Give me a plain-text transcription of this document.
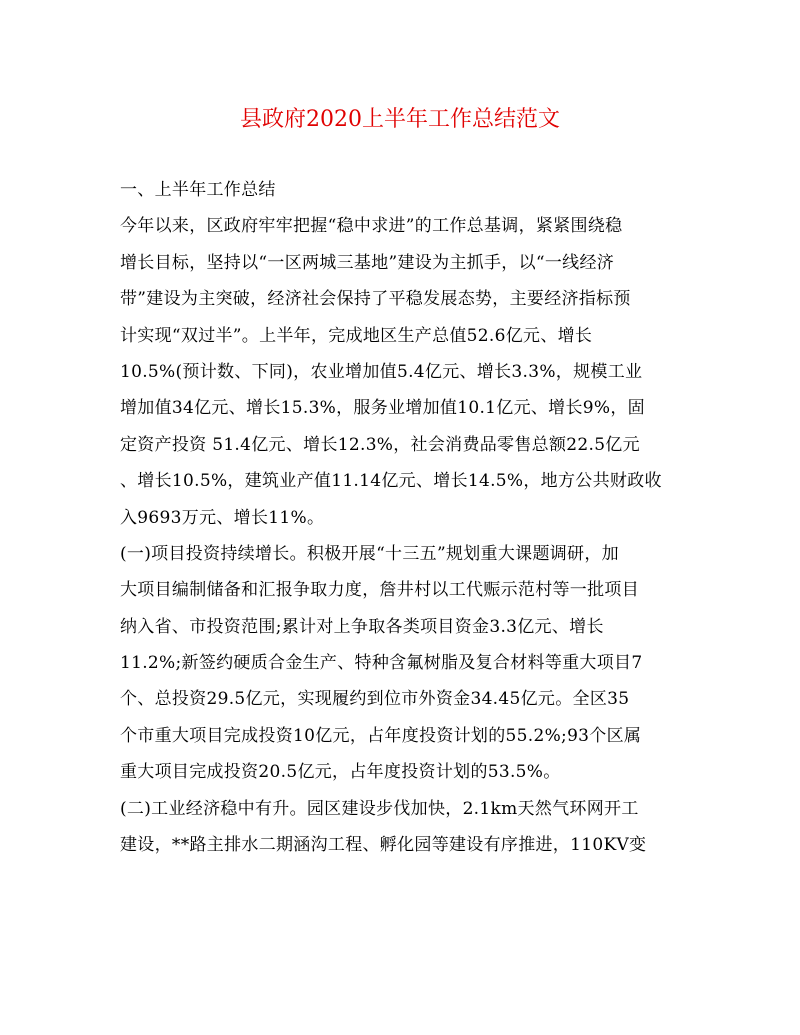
县政府2020上半年工作总结范文
一、上半年工作总结
今年以来，区政府牢牢把握“稳中求进”的工作总基调，紧紧围绕稳
增长目标，坚持以“一区两城三基地”建设为主抓手，以“一线经济
带”建设为主突破，经济社会保持了平稳发展态势，主要经济指标预
计实现“双过半”。上半年，完成地区生产总值52.6亿元、增长
10.5%(预计数、下同)，农业增加值5.4亿元、增长3.3%，规模工业
增加值34亿元、增长15.3%，服务业增加值10.1亿元、增长9%，固
定资产投资 51.4亿元、增长12.3%，社会消费品零售总额22.5亿元
、增长10.5%，建筑业产值11.14亿元、增长14.5%，地方公共财政收
入9693万元、增长11%。
(一)项目投资持续增长。积极开展“十三五”规划重大课题调研，加
大项目编制储备和汇报争取力度，詹井村以工代赈示范村等一批项目
纳入省、市投资范围;累计对上争取各类项目资金3.3亿元、增长
11.2%;新签约硬质合金生产、特种含氟树脂及复合材料等重大项目7
个、总投资29.5亿元，实现履约到位市外资金34.45亿元。全区35
个市重大项目完成投资10亿元，占年度投资计划的55.2%;93个区属
重大项目完成投资20.5亿元，占年度投资计划的53.5%。
(二)工业经济稳中有升。园区建设步伐加快，2.1km天然气环网开工
建设，**路主排水二期涵沟工程、孵化园等建设有序推进，110KV变
